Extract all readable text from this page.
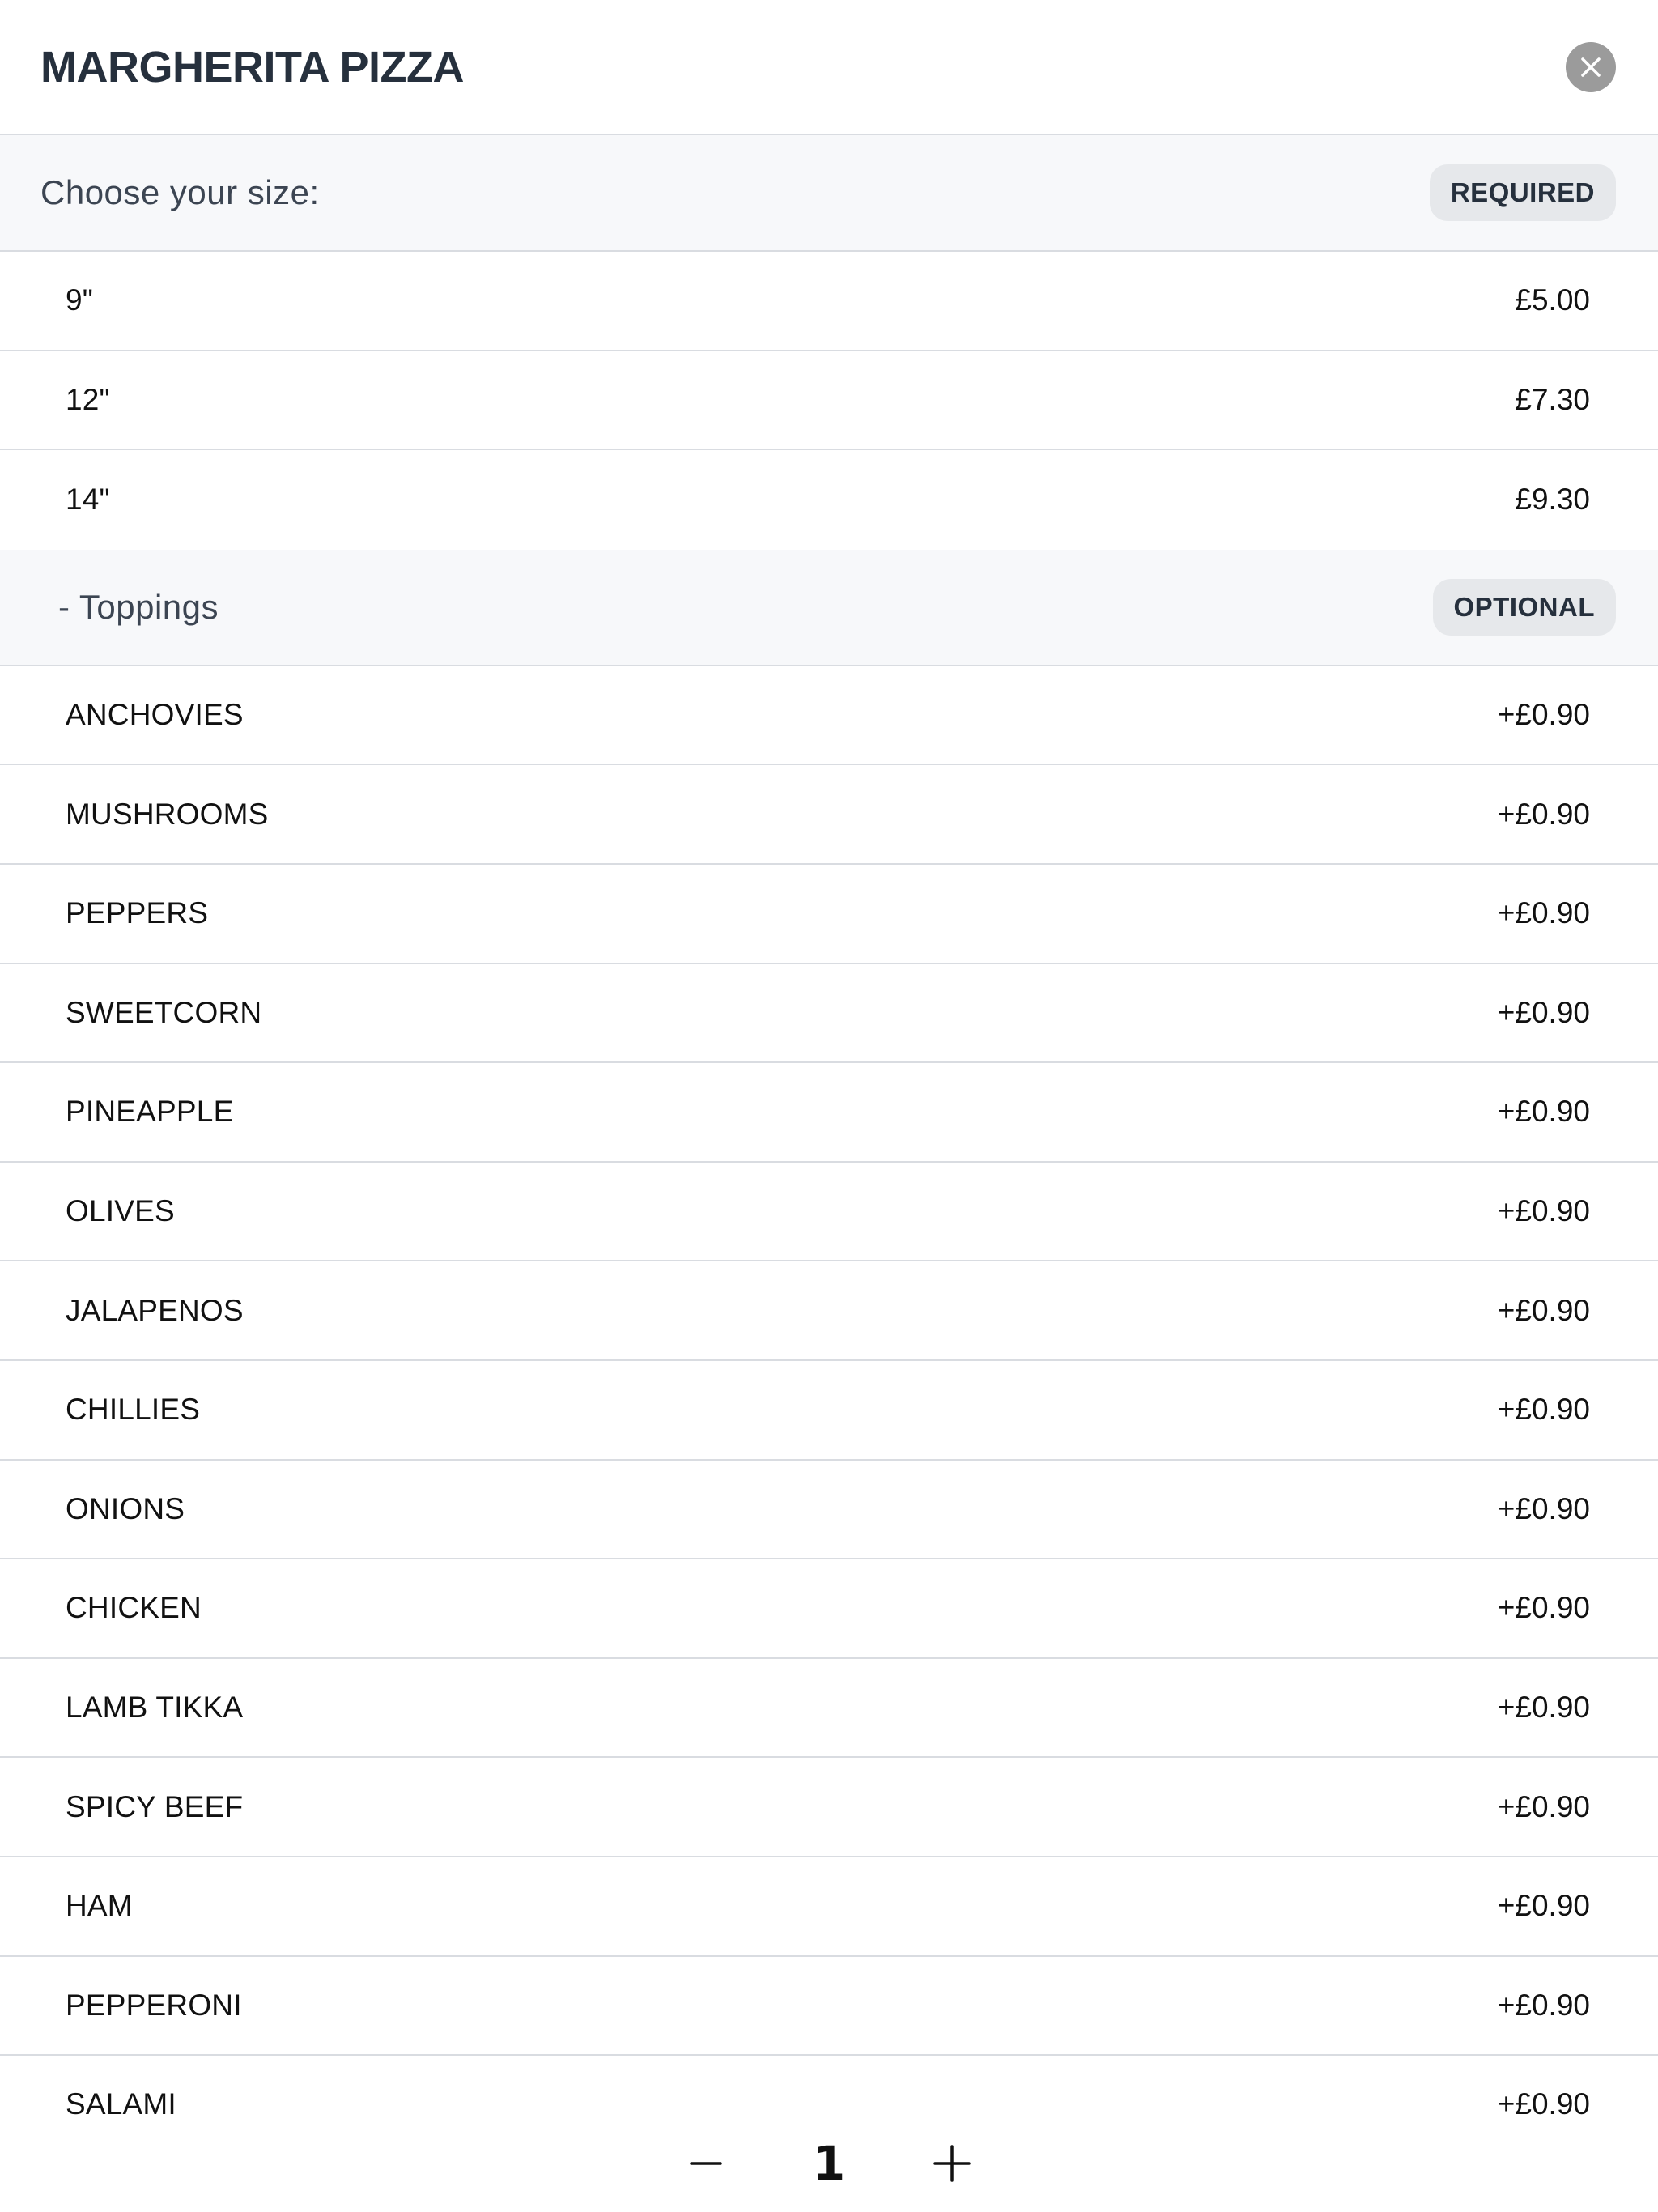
MARGHERITA PIZZA
Choose your size:	REQUIRED
9"	£5.00
12"	£7.30
14"	£9.30
- Toppings	OPTIONAL
ANCHOVIES	+£0.90
MUSHROOMS	+£0.90
PEPPERS	+£0.90
SWEETCORN	+£0.90
PINEAPPLE	+£0.90
OLIVES	+£0.90
JALAPENOS	+£0.90
CHILLIES	+£0.90
ONIONS	+£0.90
CHICKEN	+£0.90
LAMB TIKKA	+£0.90
SPICY BEEF	+£0.90
HAM	+£0.90
PEPPERONI	+£0.90
SALAMI	+£0.90
1
